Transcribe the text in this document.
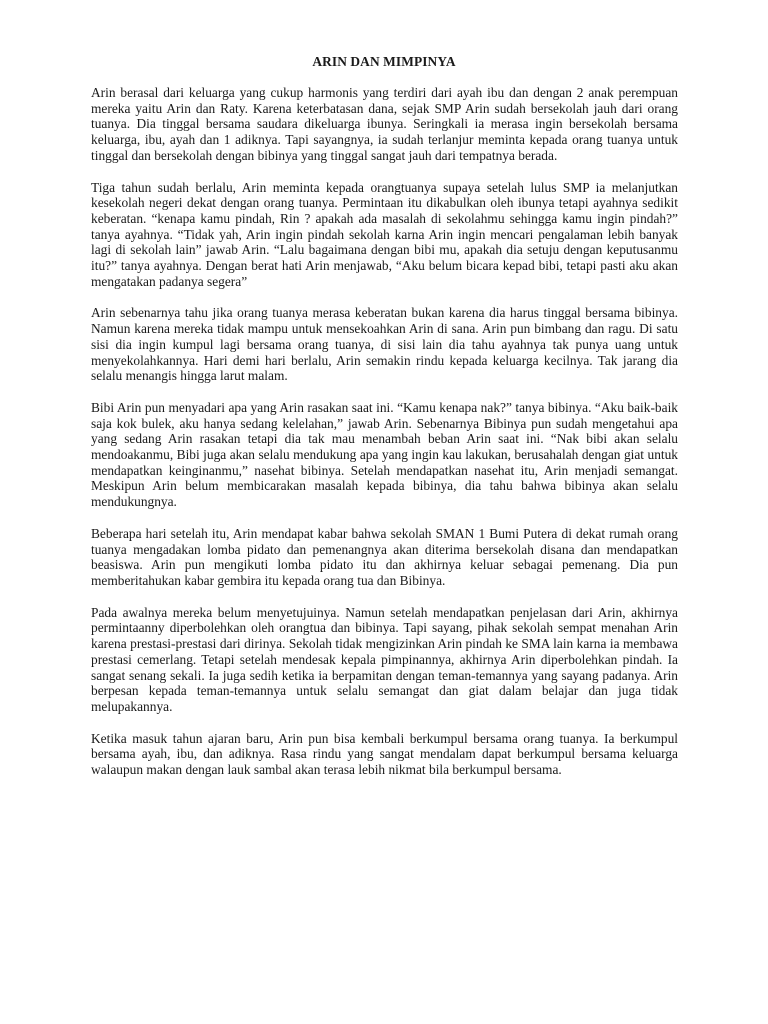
ARIN DAN MIMPINYA

Arin berasal dari keluarga yang cukup harmonis yang terdiri dari ayah ibu dan dengan 2 anak perempuan mereka yaitu Arin dan Raty. Karena keterbatasan dana, sejak SMP Arin sudah bersekolah jauh dari orang tuanya. Dia tinggal bersama saudara dikeluarga ibunya. Seringkali ia merasa ingin bersekolah bersama keluarga, ibu, ayah dan 1 adiknya. Tapi sayangnya, ia sudah terlanjur meminta kepada orang tuanya untuk tinggal dan bersekolah dengan bibinya yang tinggal sangat jauh dari tempatnya berada.

Tiga tahun sudah berlalu, Arin meminta kepada orangtuanya supaya setelah lulus SMP ia melanjutkan kesekolah negeri dekat dengan orang tuanya. Permintaan itu dikabulkan oleh ibunya tetapi ayahnya sedikit keberatan. “kenapa kamu pindah, Rin ? apakah ada masalah di sekolahmu sehingga kamu ingin pindah?” tanya ayahnya. “Tidak yah, Arin ingin pindah sekolah karna Arin ingin mencari pengalaman lebih banyak lagi di sekolah lain” jawab Arin. “Lalu bagaimana dengan bibi mu, apakah dia setuju dengan keputusanmu itu?” tanya ayahnya. Dengan berat hati Arin menjawab, “Aku belum bicara kepad bibi, tetapi pasti aku akan mengatakan padanya segera”

Arin sebenarnya tahu jika orang tuanya merasa keberatan bukan karena dia harus tinggal bersama bibinya. Namun karena mereka tidak mampu untuk mensekoahkan Arin di sana. Arin pun bimbang dan ragu. Di satu sisi dia ingin kumpul lagi bersama orang tuanya, di sisi lain dia tahu ayahnya tak punya uang untuk menyekolahkannya. Hari demi hari berlalu, Arin semakin rindu kepada keluarga kecilnya. Tak jarang dia selalu menangis hingga larut malam.

Bibi Arin pun menyadari apa yang Arin rasakan saat ini. “Kamu kenapa nak?” tanya bibinya. “Aku baik-baik saja kok bulek, aku hanya sedang kelelahan,” jawab Arin. Sebenarnya Bibinya pun sudah mengetahui apa yang sedang Arin rasakan tetapi dia tak mau menambah beban Arin saat ini. “Nak bibi akan selalu mendoakanmu, Bibi juga akan selalu mendukung apa yang ingin kau lakukan, berusahalah dengan giat untuk mendapatkan keinginanmu,” nasehat bibinya. Setelah mendapatkan nasehat itu, Arin menjadi semangat. Meskipun Arin belum membicarakan masalah kepada bibinya, dia tahu bahwa bibinya akan selalu mendukungnya.

Beberapa hari setelah itu, Arin mendapat kabar bahwa sekolah SMAN 1 Bumi Putera di dekat rumah orang tuanya mengadakan lomba pidato dan pemenangnya akan diterima bersekolah disana dan mendapatkan beasiswa. Arin pun mengikuti lomba pidato itu dan akhirnya keluar sebagai pemenang. Dia pun memberitahukan kabar gembira itu kepada orang tua dan Bibinya.

Pada awalnya mereka belum menyetujuinya. Namun setelah mendapatkan penjelasan dari Arin, akhirnya permintaanny diperbolehkan oleh orangtua dan bibinya. Tapi sayang, pihak sekolah sempat menahan Arin karena prestasi-prestasi dari dirinya. Sekolah tidak mengizinkan Arin pindah ke SMA lain karna ia membawa prestasi cemerlang. Tetapi setelah mendesak kepala pimpinannya, akhirnya Arin diperbolehkan pindah. Ia sangat senang sekali. Ia juga sedih ketika ia berpamitan dengan teman-temannya yang sayang padanya. Arin berpesan kepada teman-temannya untuk selalu semangat dan giat dalam belajar dan juga tidak melupakannya.

Ketika masuk tahun ajaran baru, Arin pun bisa kembali berkumpul bersama orang tuanya. Ia berkumpul bersama ayah, ibu, dan adiknya. Rasa rindu yang sangat mendalam dapat berkumpul bersama keluarga walaupun makan dengan lauk sambal akan terasa lebih nikmat bila berkumpul bersama.
